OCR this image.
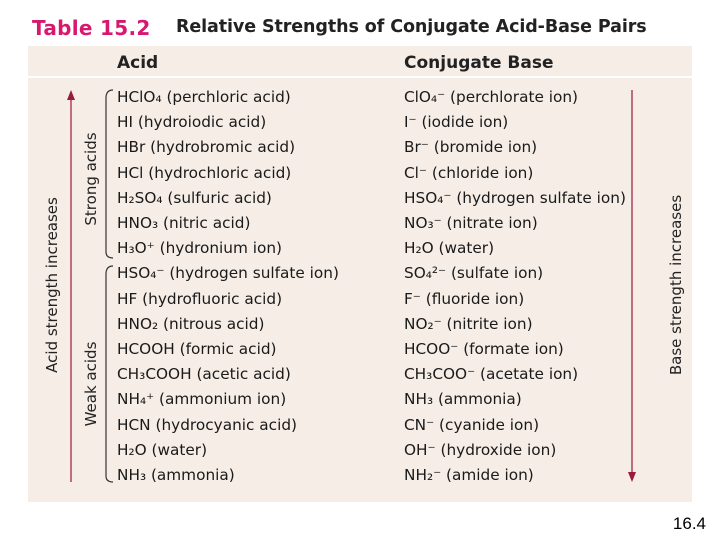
Table 15.2 Relative Strengths of Conjugate Acid-Base Pairs
Acid	Conjugate Base
HClO₄ (perchloric acid)	ClO₄⁻ (perchlorate ion)
HI (hydroiodic acid)	I⁻ (iodide ion)
HBr (hydrobromic acid)	Br⁻ (bromide ion)
HCl (hydrochloric acid)	Cl⁻ (chloride ion)
H₂SO₄ (sulfuric acid)	HSO₄⁻ (hydrogen sulfate ion)
HNO₃ (nitric acid)	NO₃⁻ (nitrate ion)
H₃O⁺ (hydronium ion)	H₂O (water)
HSO₄⁻ (hydrogen sulfate ion)	SO₄²⁻ (sulfate ion)
HF (hydrofluoric acid)	F⁻ (fluoride ion)
HNO₂ (nitrous acid)	NO₂⁻ (nitrite ion)
HCOOH (formic acid)	HCOO⁻ (formate ion)
CH₃COOH (acetic acid)	CH₃COO⁻ (acetate ion)
NH₄⁺ (ammonium ion)	NH₃ (ammonia)
HCN (hydrocyanic acid)	CN⁻ (cyanide ion)
H₂O (water)	OH⁻ (hydroxide ion)
NH₃ (ammonia)	NH₂⁻ (amide ion)
Acid strength increases
Strong acids
Weak acids
Base strength increases
16.4
